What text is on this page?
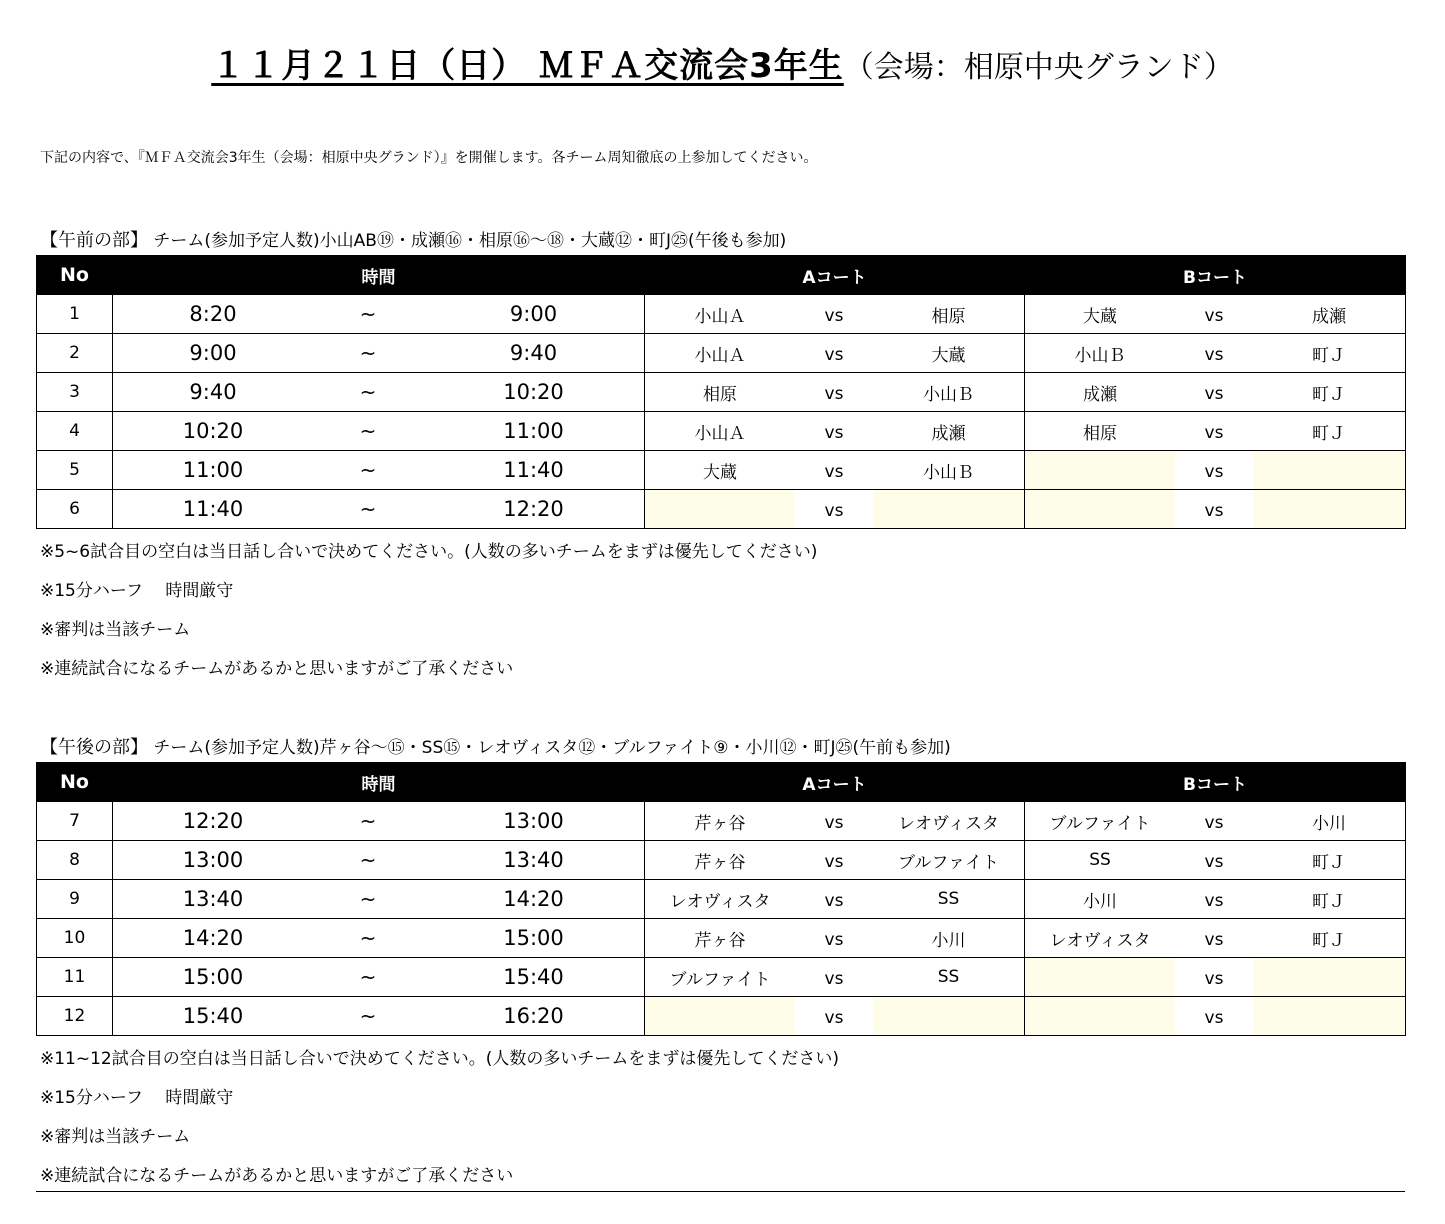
１１月２１日（日） ＭＦＡ交流会3年生（会場：相原中央グランド）
下記の内容で、『ＭＦＡ交流会3年生（会場：相原中央グランド）』を開催します。各チーム周知徹底の上参加してください。
【午前の部】 チーム(参加予定人数)小山AB⑲・成瀬⑯・相原⑯～⑱・大蔵⑫・町J㉕(午後も参加)
No	時間	Aコート	Bコート
1	8:20 ~ 9:00	小山Ａ vs 相原	大蔵 vs 成瀬

2	9:00 ~ 9:40	小山Ａ vs 大蔵	小山Ｂ vs 町Ｊ

3	9:40 ~ 10:20	相原 vs 小山Ｂ	成瀬 vs 町Ｊ

4	10:20 ~ 11:00	小山Ａ vs 成瀬	相原 vs 町Ｊ

5	11:00 ~ 11:40	大蔵 vs 小山Ｂ	vs

6	11:40 ~ 12:20	vs	vs
※5~6試合目の空白は当日話し合いで決めてください。(人数の多いチームをまずは優先してください)
※15分ハーフ　 時間厳守
※審判は当該チーム
※連続試合になるチームがあるかと思いますがご了承ください
【午後の部】 チーム(参加予定人数)芹ヶ谷～⑮・SS⑮・レオヴィスタ⑫・ブルファイト⑨・小川⑫・町J㉕(午前も参加)
No	時間	Aコート	Bコート
7	12:20 ~ 13:00	芹ヶ谷 vs レオヴィスタ	ブルファイト vs 小川

8	13:00 ~ 13:40	芹ヶ谷 vs ブルファイト	SS vs 町Ｊ

9	13:40 ~ 14:20	レオヴィスタ vs SS	小川 vs 町Ｊ

10	14:20 ~ 15:00	芹ヶ谷 vs 小川	レオヴィスタ vs 町Ｊ

11	15:00 ~ 15:40	ブルファイト vs SS	vs

12	15:40 ~ 16:20	vs	vs
※11~12試合目の空白は当日話し合いで決めてください。(人数の多いチームをまずは優先してください)
※15分ハーフ　 時間厳守
※審判は当該チーム
※連続試合になるチームがあるかと思いますがご了承ください
